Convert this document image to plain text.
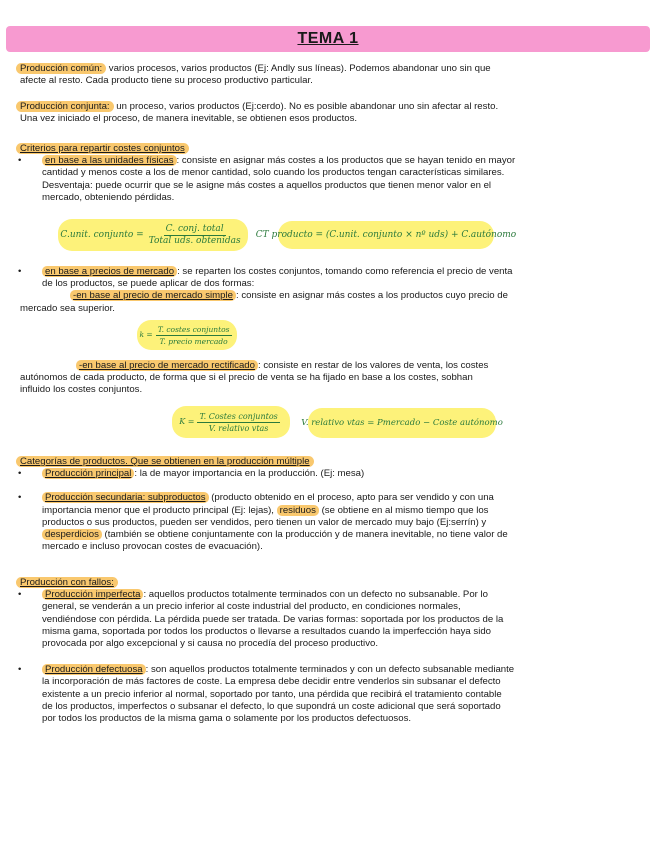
TEMA 1
Producción común: varios procesos, varios productos (Ej: Andly sus líneas). Podemos abandonar uno sin que
afecte al resto. Cada producto tiene su proceso productivo particular.
Producción conjunta: un proceso, varios productos (Ej:cerdo). No es posible abandonar uno sin afectar al resto.
Una vez iniciado el proceso, de manera inevitable, se obtienen esos productos.
Criterios para repartir costes conjuntos
•	en base a las unidades físicas : consiste en asignar más costes a los productos que se hayan tenido en mayor
cantidad y menos coste a los de menor cantidad, solo cuando los productos tengan características similares.
Desventaja: puede ocurrir que se le asigne más costes a aquellos productos que tienen menor valor en el
mercado, obteniendo pérdidas.
C.unit. conjunto = $\frac{\text{C. conj. total}}{\text{Total uds. obtenidas}}$ CT producto = (C.unit. conjunto × nº uds) + C.autónomo
•	en base a precios de mercado : se reparten los costes conjuntos, tomando como referencia el precio de venta
de los productos, se puede aplicar de dos formas:
-en base al precio de mercado simple : consiste en asignar más costes a los productos cuyo precio de
mercado sea superior.
$k = \frac{\text{T. costes conjuntos}}{\text{T. precio mercado}}$
-en base al precio de mercado rectificado : consiste en restar de los valores de venta, los costes
autónomos de cada producto, de forma que si el precio de venta se ha fijado en base a los costes, sobhan
influido los costes conjuntos.
$K = \frac{\text{T. Costes conjuntos}}{\text{V. relativo vtas}}$	V. relativo vtas = Pmercado − Coste autónomo
Categorías de productos. Que se obtienen en la producción múltiple
•	Producción principal : la de mayor importancia en la producción. (Ej: mesa)
•	Producción secundaria: subproductos (producto obtenido en el proceso, apto para ser vendido y con una
importancia menor que el producto principal (Ej: lejas), residuos (se obtiene en al mismo tiempo que los
productos o sus productos, pueden ser vendidos, pero tienen un valor de mercado muy bajo (Ej:serrín) y
desperdicios (también se obtiene conjuntamente con la producción y de manera inevitable, no tiene valor de
mercado e incluso provocan costes de evacuación).
Producción con fallos:
•	Producción imperfecta : aquellos productos totalmente terminados con un defecto no subsanable. Por lo
general, se venderán a un precio inferior al coste industrial del producto, en condiciones normales,
vendiéndose con pérdida. La pérdida puede ser tratada. De varias formas: soportada por los productos de la
misma gama, soportada por todos los productos o llevarse a resultados cuando la imperfección haya sido
provocada por algo excepcional y si causa no procedía del proceso productivo.
•	Producción defectuosa : son aquellos productos totalmente terminados y con un defecto subsanable mediante
la incorporación de más factores de coste. La empresa debe decidir entre venderlos sin subsanar el defecto
existente a un precio inferior al normal, soportado por tanto, una pérdida que recibirá el tratamiento contable
de los productos, imperfectos o subsanar el defecto, lo que supondrá un coste adicional que será soportado
por todos los productos de la misma gama o solamente por los productos defectuosos.
